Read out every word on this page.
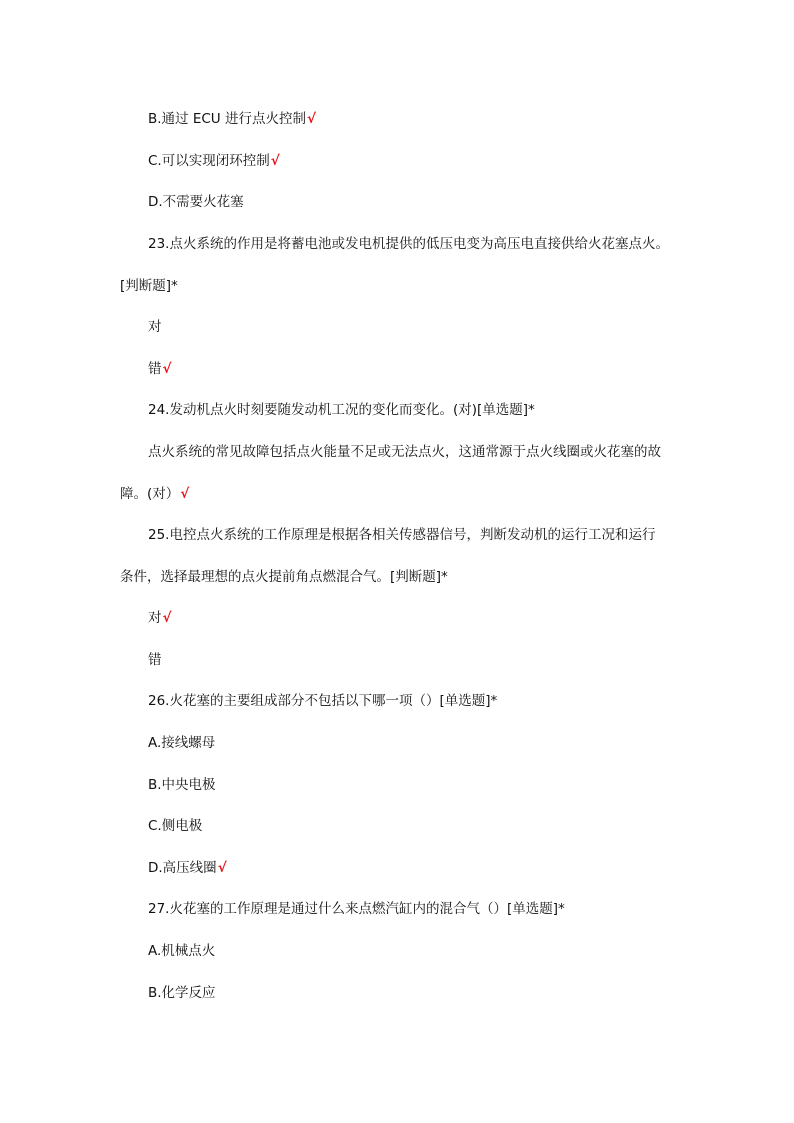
B.通过 ECU 进行点火控制√
C.可以实现闭环控制√
D.不需要火花塞
23.点火系统的作用是将蓄电池或发电机提供的低压电变为高压电直接供给火花塞点火。
[判断题]*
对
错√
24.发动机点火时刻要随发动机工况的变化而变化。(对)[单选题]*
点火系统的常见故障包括点火能量不足或无法点火，这通常源于点火线圈或火花塞的故
障。(对）√
25.电控点火系统的工作原理是根据各相关传感器信号，判断发动机的运行工况和运行
条件，选择最理想的点火提前角点燃混合气。[判断题]*
对√
错
26.火花塞的主要组成部分不包括以下哪一项（）[单选题]*
A.接线螺母
B.中央电极
C.侧电极
D.高压线圈√
27.火花塞的工作原理是通过什么来点燃汽缸内的混合气（）[单选题]*
A.机械点火
B.化学反应
